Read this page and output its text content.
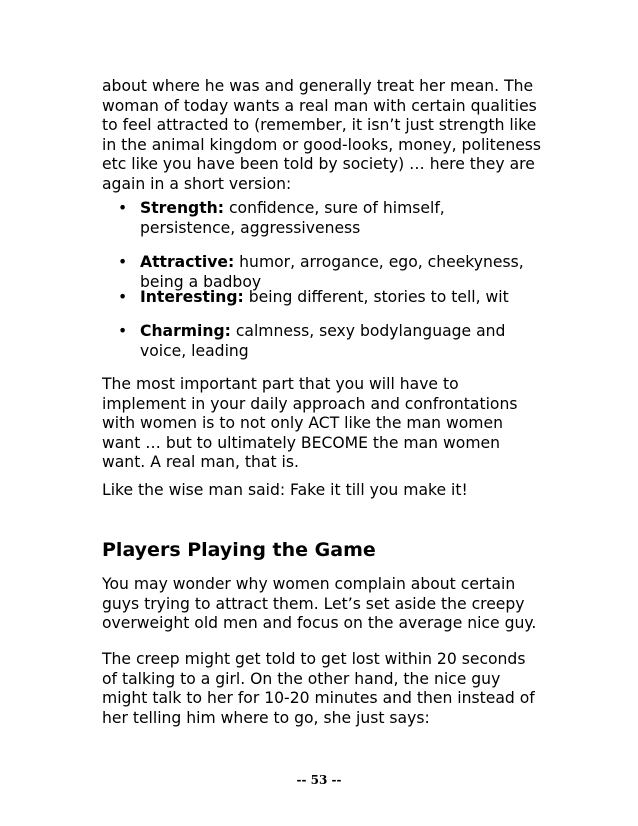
about where he was and generally treat her mean. The woman of today wants a real man with certain qualities to feel attracted to (remember, it isn’t just strength like in the animal kingdom or good-looks, money, politeness etc like you have been told by society) … here they are again in a short version:

• Strength: confidence, sure of himself, persistence, aggressiveness
• Attractive: humor, arrogance, ego, cheekyness, being a badboy
• Interesting: being different, stories to tell, wit
• Charming: calmness, sexy bodylanguage and voice, leading

The most important part that you will have to implement in your daily approach and confrontations with women is to not only ACT like the man women want … but to ultimately BECOME the man women want. A real man, that is.

Like the wise man said: Fake it till you make it!

Players Playing the Game

You may wonder why women complain about certain guys trying to attract them. Let’s set aside the creepy overweight old men and focus on the average nice guy.

The creep might get told to get lost within 20 seconds of talking to a girl. On the other hand, the nice guy might talk to her for 10-20 minutes and then instead of her telling him where to go, she just says:

-- 53 --
